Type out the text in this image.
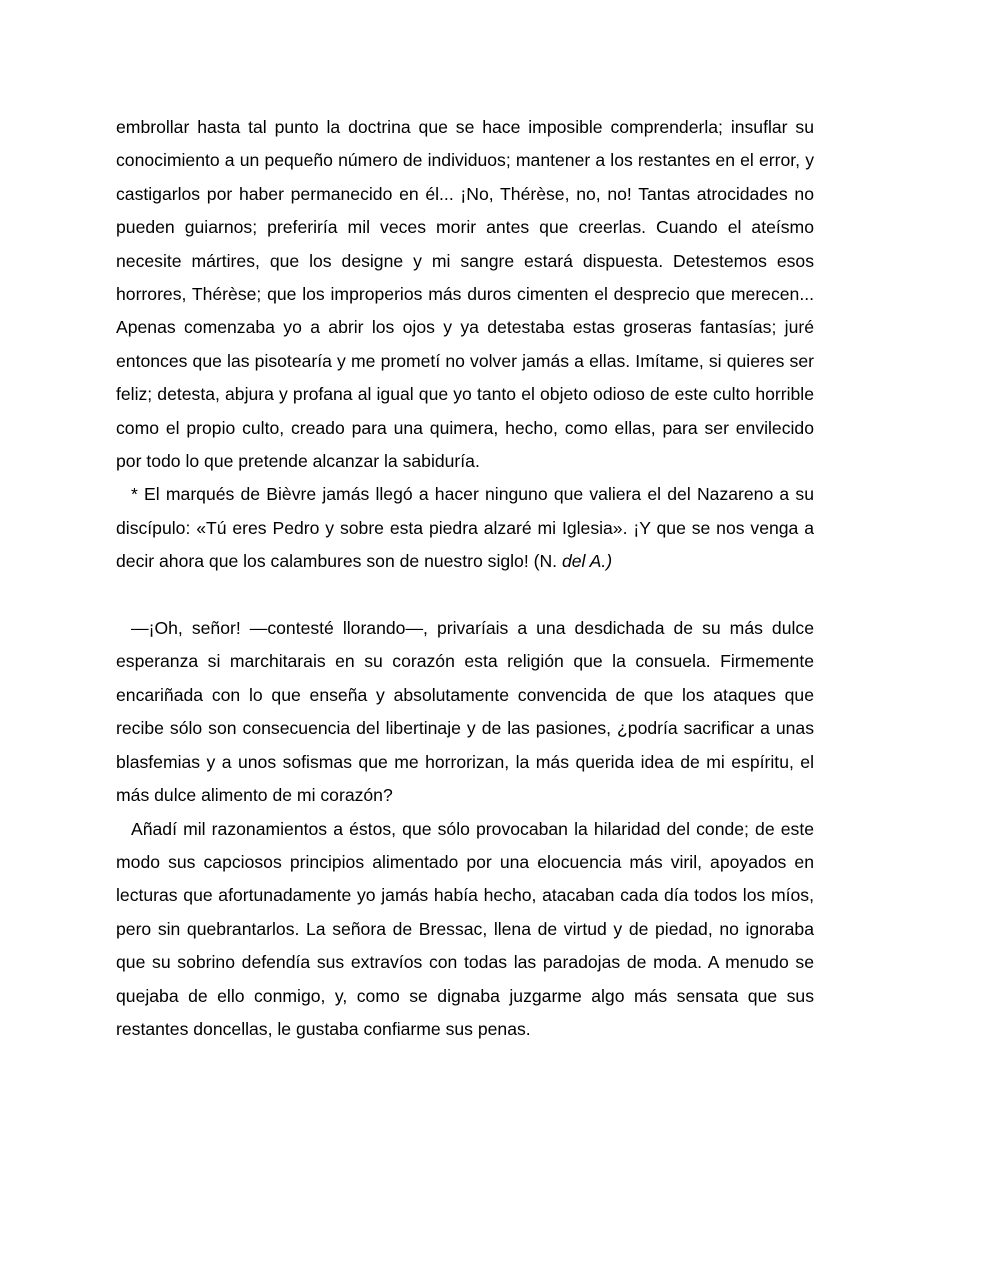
embrollar hasta tal punto la doctrina que se hace imposible comprenderla; insuflar su conocimiento a un pequeño número de individuos; mantener a los restantes en el error, y castigarlos por haber permanecido en él... ¡No, Thérèse, no, no! Tantas atrocidades no pueden guiarnos; preferiría mil veces morir antes que creerlas. Cuando el ateísmo necesite mártires, que los designe y mi sangre estará dispuesta. Detestemos esos horrores, Thérèse; que los improperios más duros cimenten el desprecio que merecen... Apenas comenzaba yo a abrir los ojos y ya detestaba estas groseras fantasías; juré entonces que las pisotearía y me prometí no volver jamás a ellas. Imítame, si quieres ser feliz; detesta, abjura y profana al igual que yo tanto el objeto odioso de este culto horrible como el propio culto, creado para una quimera, hecho, como ellas, para ser envilecido por todo lo que pretende alcanzar la sabiduría.

* El marqués de Bièvre jamás llegó a hacer ninguno que valiera el del Nazareno a su discípulo: «Tú eres Pedro y sobre esta piedra alzaré mi Iglesia». ¡Y que se nos venga a decir ahora que los calambures son de nuestro siglo! (N. del A.)

—¡Oh, señor! —contesté llorando—, privaríais a una desdichada de su más dulce esperanza si marchitarais en su corazón esta religión que la consuela. Firmemente encariñada con lo que enseña y absolutamente convencida de que los ataques que recibe sólo son consecuencia del libertinaje y de las pasiones, ¿podría sacrificar a unas blasfemias y a unos sofismas que me horrorizan, la más querida idea de mi espíritu, el más dulce alimento de mi corazón?

Añadí mil razonamientos a éstos, que sólo provocaban la hilaridad del conde; de este modo sus capciosos principios alimentado por una elocuencia más viril, apoyados en lecturas que afortunadamente yo jamás había hecho, atacaban cada día todos los míos, pero sin quebrantarlos. La señora de Bressac, llena de virtud y de piedad, no ignoraba que su sobrino defendía sus extravíos con todas las paradojas de moda. A menudo se quejaba de ello conmigo, y, como se dignaba juzgarme algo más sensata que sus restantes doncellas, le gustaba confiarme sus penas.
